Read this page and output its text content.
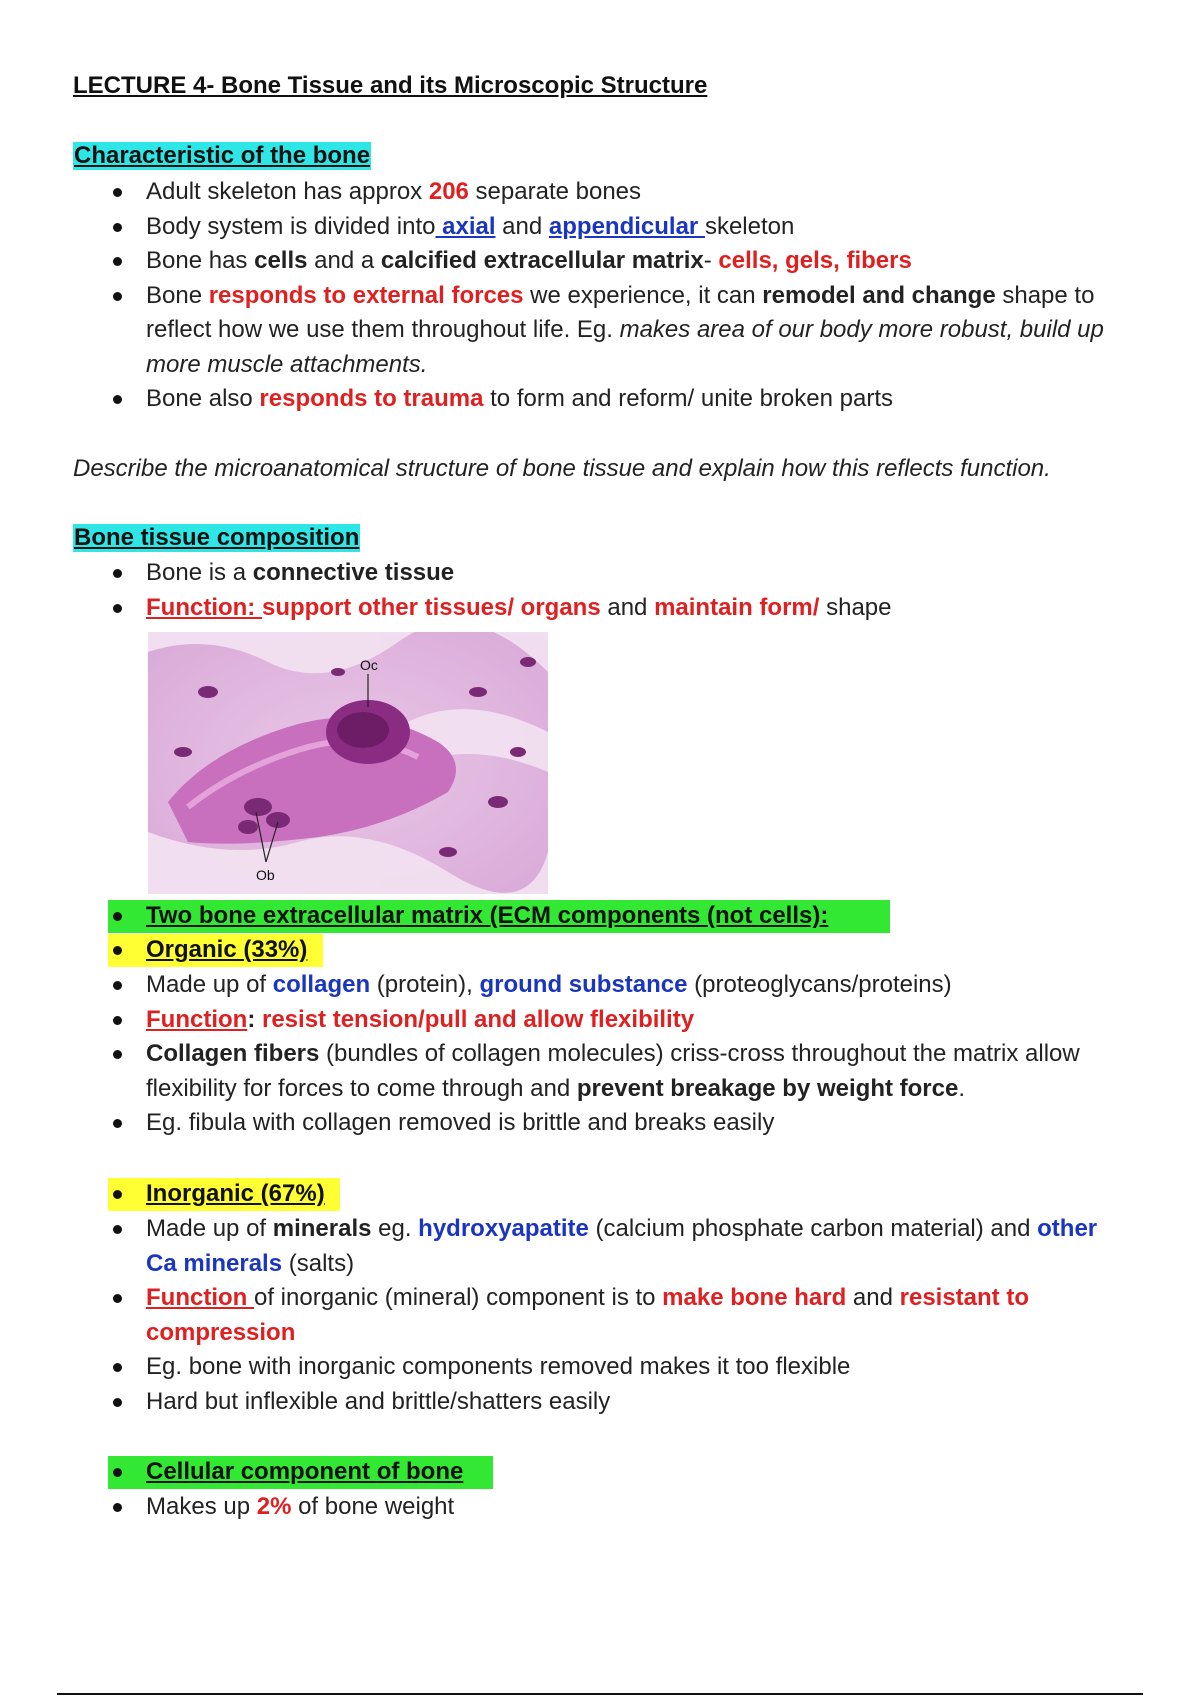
LECTURE 4- Bone Tissue and its Microscopic Structure
Characteristic of the bone
Adult skeleton has approx 206 separate bones
Body system is divided into axial and appendicular skeleton
Bone has cells and a calcified extracellular matrix- cells, gels, fibers
Bone responds to external forces we experience, it can remodel and change shape to reflect how we use them throughout life. Eg. makes area of our body more robust, build up more muscle attachments.
Bone also responds to trauma to form and reform/ unite broken parts
Describe the microanatomical structure of bone tissue and explain how this reflects function.
Bone tissue composition
Bone is a connective tissue
Function: support other tissues/ organs and maintain form/ shape
Oc
Ob
Two bone extracellular matrix (ECM components (not cells):
Organic (33%)
Made up of collagen (protein), ground substance (proteoglycans/proteins)
Function: resist tension/pull and allow flexibility
Collagen fibers (bundles of collagen molecules) criss-cross throughout the matrix allow flexibility for forces to come through and prevent breakage by weight force.
Eg. fibula with collagen removed is brittle and breaks easily
Inorganic (67%)
Made up of minerals eg. hydroxyapatite (calcium phosphate carbon material) and other Ca minerals (salts)
Function of inorganic (mineral) component is to make bone hard and resistant to compression
Eg. bone with inorganic components removed makes it too flexible
Hard but inflexible and brittle/shatters easily
Cellular component of bone
Makes up 2% of bone weight
